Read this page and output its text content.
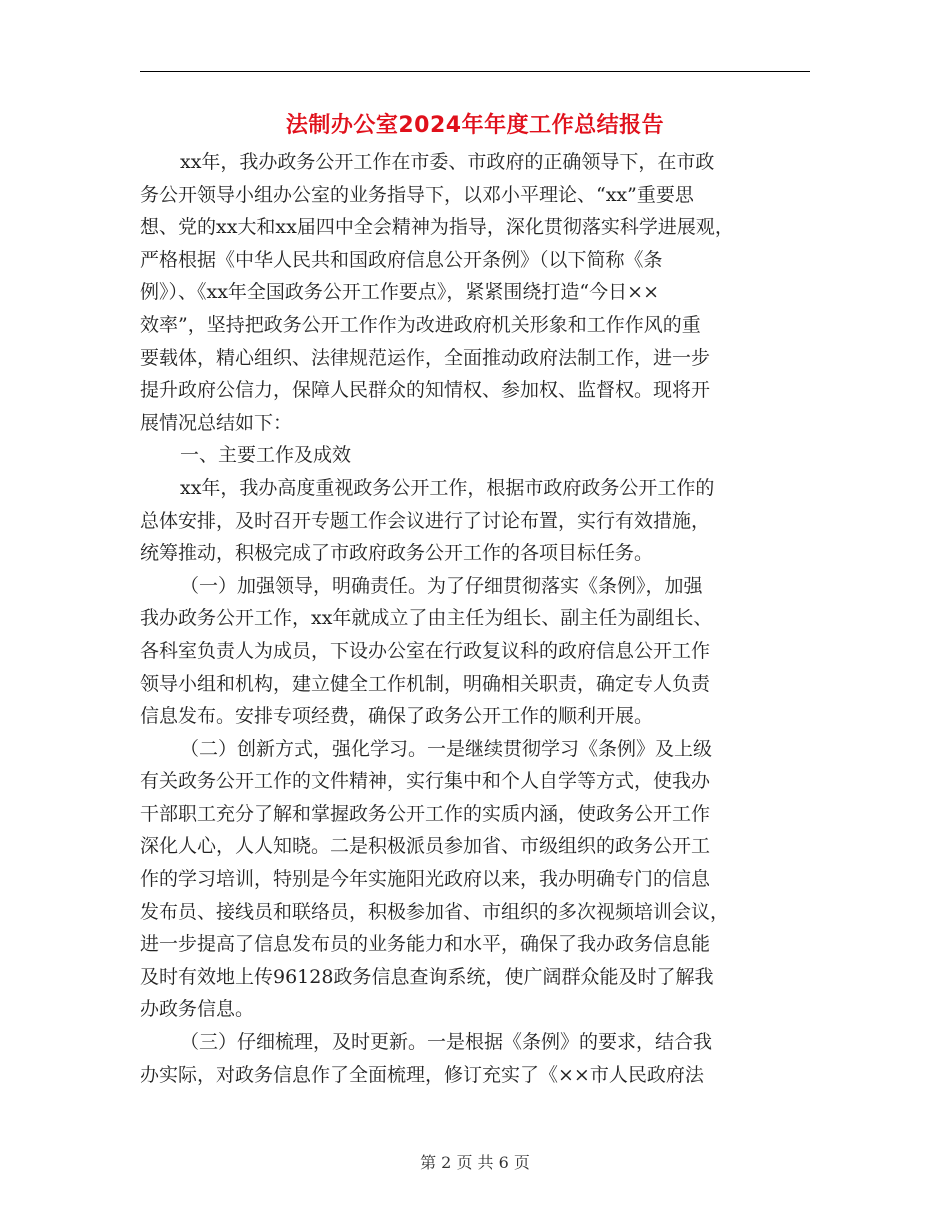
法制办公室2024年年度工作总结报告
xx年，我办政务公开工作在市委、市政府的正确领导下，在市政
务公开领导小组办公室的业务指导下，以邓小平理论、“xx”重要思
想、党的xx大和xx届四中全会精神为指导，深化贯彻落实科学进展观，
严格根据《中华人民共和国政府信息公开条例》（以下简称《条
例》）、《xx年全国政务公开工作要点》，紧紧围绕打造“今日××
效率”，坚持把政务公开工作作为改进政府机关形象和工作作风的重
要载体，精心组织、法律规范运作，全面推动政府法制工作，进一步
提升政府公信力，保障人民群众的知情权、参加权、监督权。现将开
展情况总结如下：
一、主要工作及成效
xx年，我办高度重视政务公开工作，根据市政府政务公开工作的
总体安排，及时召开专题工作会议进行了讨论布置，实行有效措施，
统筹推动，积极完成了市政府政务公开工作的各项目标任务。
（一）加强领导，明确责任。为了仔细贯彻落实《条例》，加强
我办政务公开工作，xx年就成立了由主任为组长、副主任为副组长、
各科室负责人为成员，下设办公室在行政复议科的政府信息公开工作
领导小组和机构，建立健全工作机制，明确相关职责，确定专人负责
信息发布。安排专项经费，确保了政务公开工作的顺利开展。
（二）创新方式，强化学习。一是继续贯彻学习《条例》及上级
有关政务公开工作的文件精神，实行集中和个人自学等方式，使我办
干部职工充分了解和掌握政务公开工作的实质内涵，使政务公开工作
深化人心，人人知晓。二是积极派员参加省、市级组织的政务公开工
作的学习培训，特别是今年实施阳光政府以来，我办明确专门的信息
发布员、接线员和联络员，积极参加省、市组织的多次视频培训会议，
进一步提高了信息发布员的业务能力和水平，确保了我办政务信息能
及时有效地上传96128政务信息查询系统，使广阔群众能及时了解我
办政务信息。
（三）仔细梳理，及时更新。一是根据《条例》的要求，结合我
办实际，对政务信息作了全面梳理，修订充实了《××市人民政府法
第 2 页 共 6 页
